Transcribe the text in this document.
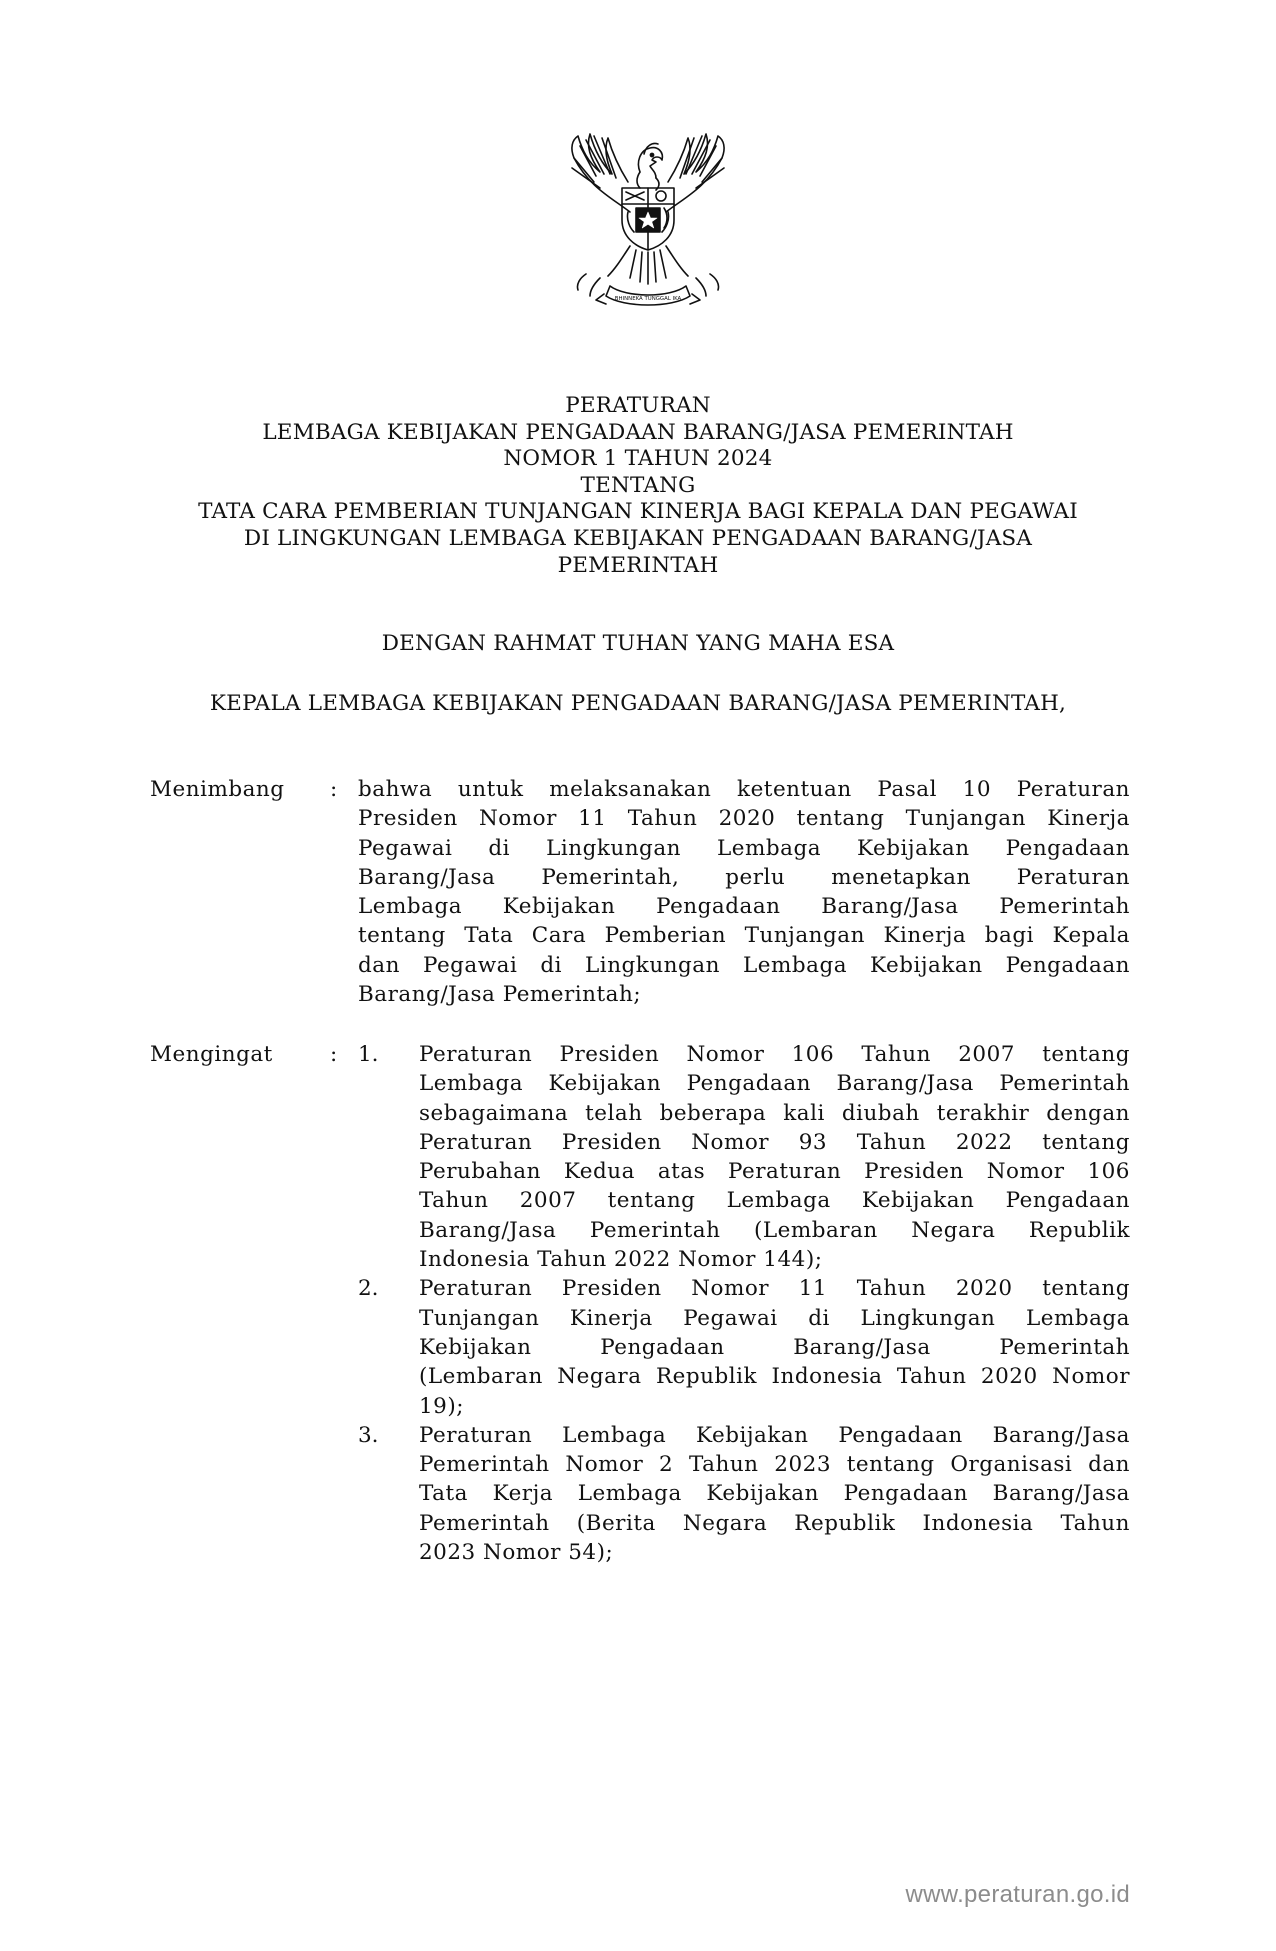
BHINNEKA TUNGGAL IKA
PERATURAN
LEMBAGA KEBIJAKAN PENGADAAN BARANG/JASA PEMERINTAH
NOMOR 1 TAHUN 2024
TENTANG
TATA CARA PEMBERIAN TUNJANGAN KINERJA BAGI KEPALA DAN PEGAWAI
DI LINGKUNGAN LEMBAGA KEBIJAKAN PENGADAAN BARANG/JASA
PEMERINTAH
DENGAN RAHMAT TUHAN YANG MAHA ESA
KEPALA LEMBAGA KEBIJAKAN PENGADAAN BARANG/JASA PEMERINTAH,
Menimbang : bahwa untuk melaksanakan ketentuan Pasal 10 Peraturan
Presiden Nomor 11 Tahun 2020 tentang Tunjangan Kinerja
Pegawai di Lingkungan Lembaga Kebijakan Pengadaan
Barang/Jasa Pemerintah, perlu menetapkan Peraturan
Lembaga Kebijakan Pengadaan Barang/Jasa Pemerintah
tentang Tata Cara Pemberian Tunjangan Kinerja bagi Kepala
dan Pegawai di Lingkungan Lembaga Kebijakan Pengadaan
Barang/Jasa Pemerintah;
Mengingat	: 1. Peraturan Presiden Nomor 106 Tahun 2007 tentang
Lembaga Kebijakan Pengadaan Barang/Jasa Pemerintah
sebagaimana telah beberapa kali diubah terakhir dengan
Peraturan Presiden Nomor 93 Tahun 2022 tentang
Perubahan Kedua atas Peraturan Presiden Nomor 106
Tahun 2007 tentang Lembaga Kebijakan Pengadaan
Barang/Jasa Pemerintah (Lembaran Negara Republik
Indonesia Tahun 2022 Nomor 144);
2. Peraturan Presiden Nomor 11 Tahun 2020 tentang
Tunjangan Kinerja Pegawai di Lingkungan Lembaga
Kebijakan Pengadaan Barang/Jasa Pemerintah
(Lembaran Negara Republik Indonesia Tahun 2020 Nomor
19);
3. Peraturan Lembaga Kebijakan Pengadaan Barang/Jasa
Pemerintah Nomor 2 Tahun 2023 tentang Organisasi dan
Tata Kerja Lembaga Kebijakan Pengadaan Barang/Jasa
Pemerintah (Berita Negara Republik Indonesia Tahun
2023 Nomor 54);
www.peraturan.go.id
